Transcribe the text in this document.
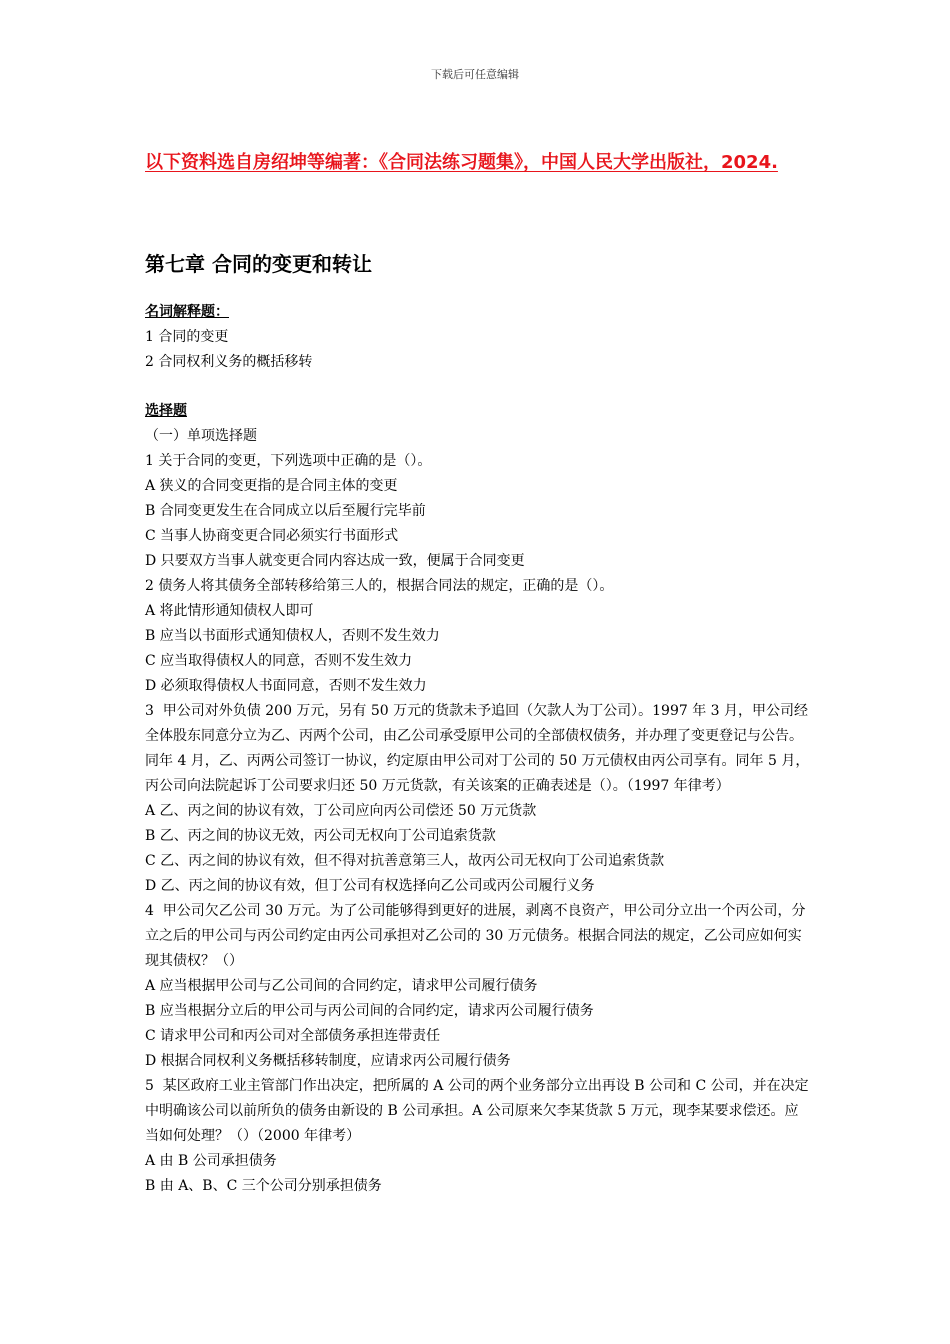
下载后可任意编辑
以下资料选自房绍坤等编著：《合同法练习题集》，中国人民大学出版社，2024.
第七章 合同的变更和转让
名词解释题：
1 合同的变更
2 合同权利义务的概括移转
选择题
（一）单项选择题
1 关于合同的变更，下列选项中正确的是（）。
A 狭义的合同变更指的是合同主体的变更
B 合同变更发生在合同成立以后至履行完毕前
C 当事人协商变更合同必须实行书面形式
D 只要双方当事人就变更合同内容达成一致，便属于合同变更
2 债务人将其债务全部转移给第三人的，根据合同法的规定，正确的是（）。
A 将此情形通知债权人即可
B 应当以书面形式通知债权人，否则不发生效力
C 应当取得债权人的同意，否则不发生效力
D 必须取得债权人书面同意，否则不发生效力
3  甲公司对外负债 200 万元，另有 50 万元的货款未予追回（欠款人为丁公司）。1997 年 3 月，甲公司经全体股东同意分立为乙、丙两个公司，由乙公司承受原甲公司的全部债权债务，并办理了变更登记与公告。同年 4 月，乙、丙两公司签订一协议，约定原由甲公司对丁公司的 50 万元债权由丙公司享有。同年 5 月，丙公司向法院起诉丁公司要求归还 50 万元货款，有关该案的正确表述是（）。（1997 年律考）
A 乙、丙之间的协议有效，丁公司应向丙公司偿还 50 万元货款
B 乙、丙之间的协议无效，丙公司无权向丁公司追索货款
C 乙、丙之间的协议有效，但不得对抗善意第三人，故丙公司无权向丁公司追索货款
D 乙、丙之间的协议有效，但丁公司有权选择向乙公司或丙公司履行义务
4  甲公司欠乙公司 30 万元。为了公司能够得到更好的进展，剥离不良资产，甲公司分立出一个丙公司，分立之后的甲公司与丙公司约定由丙公司承担对乙公司的 30 万元债务。根据合同法的规定，乙公司应如何实现其债权？（）
A 应当根据甲公司与乙公司间的合同约定，请求甲公司履行债务
B 应当根据分立后的甲公司与丙公司间的合同约定，请求丙公司履行债务
C 请求甲公司和丙公司对全部债务承担连带责任
D 根据合同权利义务概括移转制度，应请求丙公司履行债务
5  某区政府工业主管部门作出决定，把所属的 A 公司的两个业务部分立出再设 B 公司和 C 公司，并在决定中明确该公司以前所负的债务由新设的 B 公司承担。A 公司原来欠李某货款 5 万元，现李某要求偿还。应当如何处理？（）（2000 年律考）
A 由 B 公司承担债务
B 由 A、B、C 三个公司分别承担债务
